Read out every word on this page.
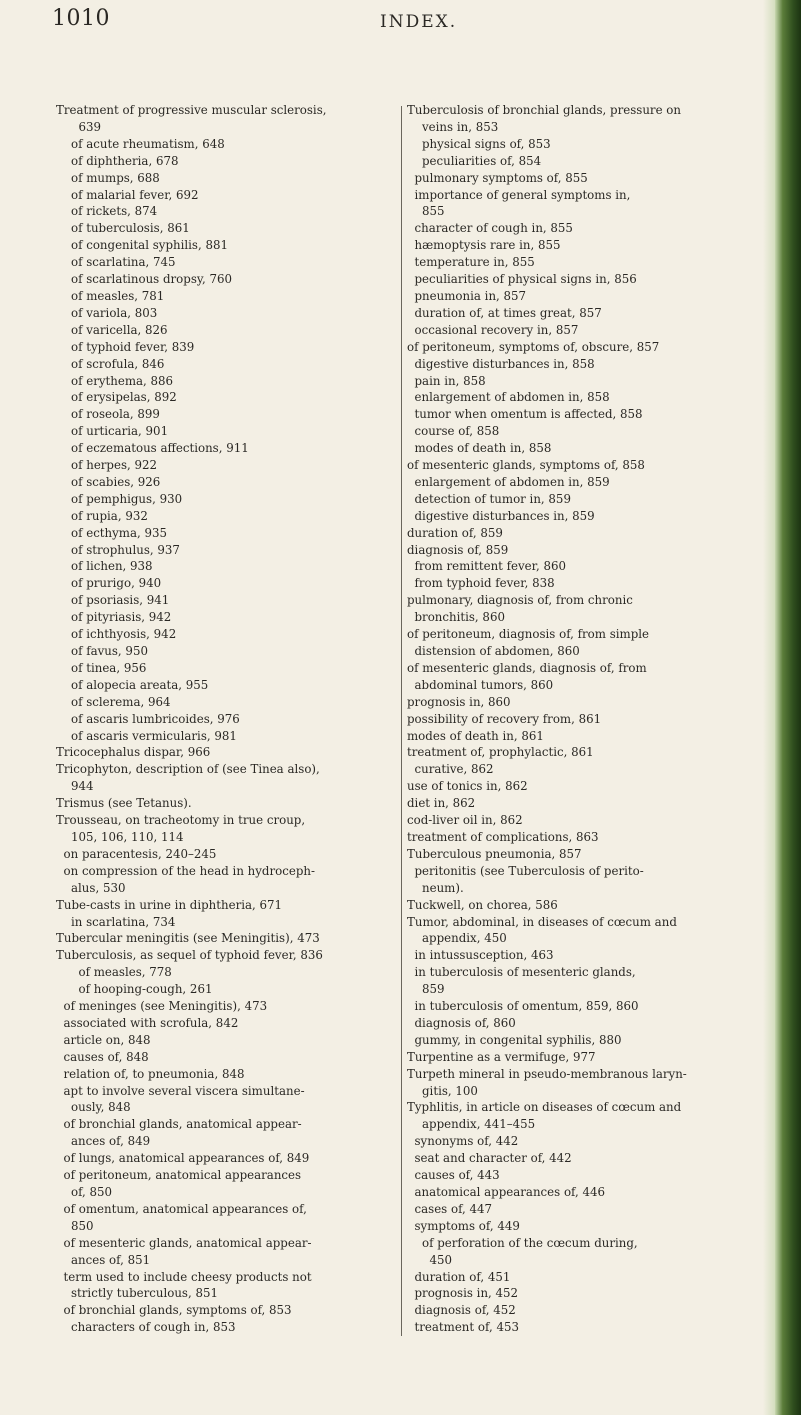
1010	INDEX.
Treatment of progressive muscular sclerosis,
639
of acute rheumatism, 648
of diphtheria, 678
of mumps, 688
of malarial fever, 692
of rickets, 874
of tuberculosis, 861
of congenital syphilis, 881
of scarlatina, 745
of scarlatinous dropsy, 760
of measles, 781
of variola, 803
of varicella, 826
of typhoid fever, 839
of scrofula, 846
of erythema, 886
of erysipelas, 892
of roseola, 899
of urticaria, 901
of eczematous affections, 911
of herpes, 922
of scabies, 926
of pemphigus, 930
of rupia, 932
of ecthyma, 935
of strophulus, 937
of lichen, 938
of prurigo, 940
of psoriasis, 941
of pityriasis, 942
of ichthyosis, 942
of favus, 950
of tinea, 956
of alopecia areata, 955
of sclerema, 964
of ascaris lumbricoides, 976
of ascaris vermicularis, 981
Tricocephalus dispar, 966
Tricophyton, description of (see Tinea also),
944
Trismus (see Tetanus).
Trousseau, on tracheotomy in true croup,
105, 106, 110, 114
on paracentesis, 240–245
on compression of the head in hydroceph-
alus, 530
Tube-casts in urine in diphtheria, 671
in scarlatina, 734
Tubercular meningitis (see Meningitis), 473
Tuberculosis, as sequel of typhoid fever, 836
of measles, 778
of hooping-cough, 261
of meninges (see Meningitis), 473
associated with scrofula, 842
article on, 848
causes of, 848
relation of, to pneumonia, 848
apt to involve several viscera simultane-
ously, 848
of bronchial glands, anatomical appear-
ances of, 849
of lungs, anatomical appearances of, 849
of peritoneum, anatomical appearances
of, 850
of omentum, anatomical appearances of,
850
of mesenteric glands, anatomical appear-
ances of, 851
term used to include cheesy products not
strictly tuberculous, 851
of bronchial glands, symptoms of, 853
characters of cough in, 853
Tuberculosis of bronchial glands, pressure on
veins in, 853
physical signs of, 853
peculiarities of, 854
pulmonary symptoms of, 855
importance of general symptoms in,
855
character of cough in, 855
hæmoptysis rare in, 855
temperature in, 855
peculiarities of physical signs in, 856
pneumonia in, 857
duration of, at times great, 857
occasional recovery in, 857
of peritoneum, symptoms of, obscure, 857
digestive disturbances in, 858
pain in, 858
enlargement of abdomen in, 858
tumor when omentum is affected, 858
course of, 858
modes of death in, 858
of mesenteric glands, symptoms of, 858
enlargement of abdomen in, 859
detection of tumor in, 859
digestive disturbances in, 859
duration of, 859
diagnosis of, 859
from remittent fever, 860
from typhoid fever, 838
pulmonary, diagnosis of, from chronic
bronchitis, 860
of peritoneum, diagnosis of, from simple
distension of abdomen, 860
of mesenteric glands, diagnosis of, from
abdominal tumors, 860
prognosis in, 860
possibility of recovery from, 861
modes of death in, 861
treatment of, prophylactic, 861
curative, 862
use of tonics in, 862
diet in, 862
cod-liver oil in, 862
treatment of complications, 863
Tuberculous pneumonia, 857
peritonitis (see Tuberculosis of perito-
neum).
Tuckwell, on chorea, 586
Tumor, abdominal, in diseases of cœcum and
appendix, 450
in intussusception, 463
in tuberculosis of mesenteric glands,
859
in tuberculosis of omentum, 859, 860
diagnosis of, 860
gummy, in congenital syphilis, 880
Turpentine as a vermifuge, 977
Turpeth mineral in pseudo-membranous laryn-
gitis, 100
Typhlitis, in article on diseases of cœcum and
appendix, 441–455
synonyms of, 442
seat and character of, 442
causes of, 443
anatomical appearances of, 446
cases of, 447
symptoms of, 449
of perforation of the cœcum during,
450
duration of, 451
prognosis in, 452
diagnosis of, 452
treatment of, 453
